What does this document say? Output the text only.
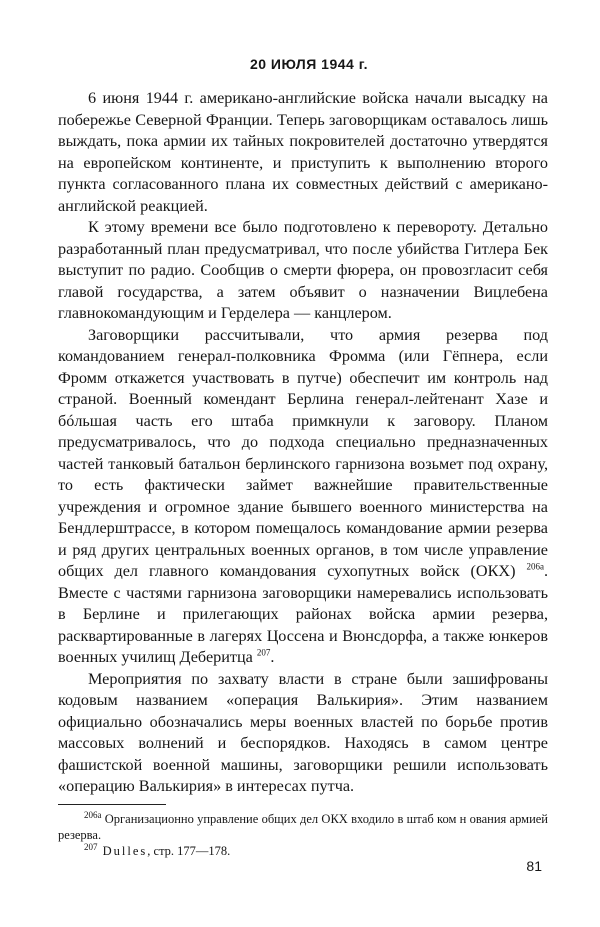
20 ИЮЛЯ 1944 г.

6 июня 1944 г. американо-английские войска начали высадку на побережье Северной Франции. Теперь заговорщикам оставалось лишь выждать, пока армии их тайных покровителей достаточно утвердятся на европейском континенте, и приступить к выполнению второго пункта согласованного плана их совместных действий с американо-английской реакцией.

К этому времени все было подготовлено к перевороту. Детально разработанный план предусматривал, что после убийства Гитлера Бек выступит по радио. Сообщив о смерти фюрера, он провозгласит себя главой государства, а затем объявит о назначении Вицлебена главнокомандующим и Герделера — канцлером.

Заговорщики рассчитывали, что армия резерва под командованием генерал-полковника Фромма (или Гёпнера, если Фромм откажется участвовать в путче) обеспечит им контроль над страной. Военный комендант Берлина генерал-лейтенант Хазе и бóльшая часть его штаба примкнули к заговору. Планом предусматривалось, что до подхода специально предназначенных частей танковый батальон берлинского гарнизона возьмет под охрану, то есть фактически займет важнейшие правительственные учреждения и огромное здание бывшего военного министерства на Бендлерштрассе, в котором помещалось командование армии резерва и ряд других центральных военных органов, в том числе управление общих дел главного командования сухопутных войск (ОКХ) $^{206а}$. Вместе с частями гарнизона заговорщики намеревались использовать в Берлине и прилегающих районах войска армии резерва, расквартированные в лагерях Цоссена и Вюнсдорфа, а также юнкеров военных училищ Деберитца $^{207}$.

Мероприятия по захвату власти в стране были зашифрованы кодовым названием «операция Валькирия». Этим названием официально обозначались меры военных властей по борьбе против массовых волнений и беспорядков. Находясь в самом центре фашистской военной машины, заговорщики решили использовать «операцию Валькирия» в интересах путча.

$^{206а}$ Организационно управление общих дел ОКХ входило в штаб ком н ования армией резерва.

$^{207}$ Dulles, стр. 177—178.

81
